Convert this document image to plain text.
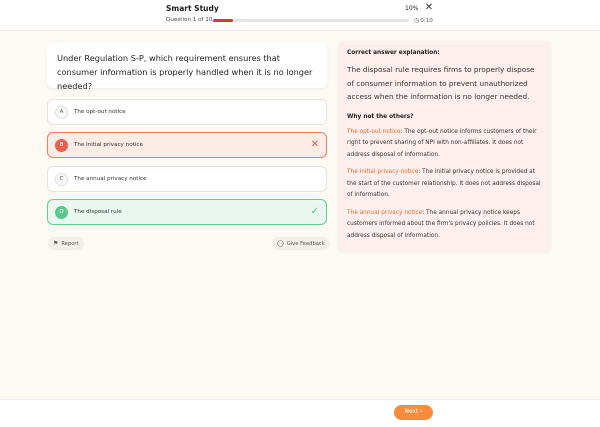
Smart Study
Question 1 of 10
10% ✕
◷0:10
Under Regulation S-P, which requirement ensures that consumer information is properly handled when it is no longer needed?
A	The opt-out notice
B	The initial privacy notice	✕
C	The annual privacy notice
D	The disposal rule	✓
⚑ Report	◯ Give Feedback
Correct answer explanation:
The disposal rule requires firms to properly dispose of consumer information to prevent unauthorized access when the information is no longer needed.
Why not the others?
The opt-out notice: The opt-out notice informs customers of their right to prevent sharing of NPI with non-affiliates. It does not address disposal of information.
The initial privacy notice: The initial privacy notice is provided at the start of the customer relationship. It does not address disposal of information.
The annual privacy notice: The annual privacy notice keeps customers informed about the firm's privacy policies. It does not address disposal of information.
Next ›
